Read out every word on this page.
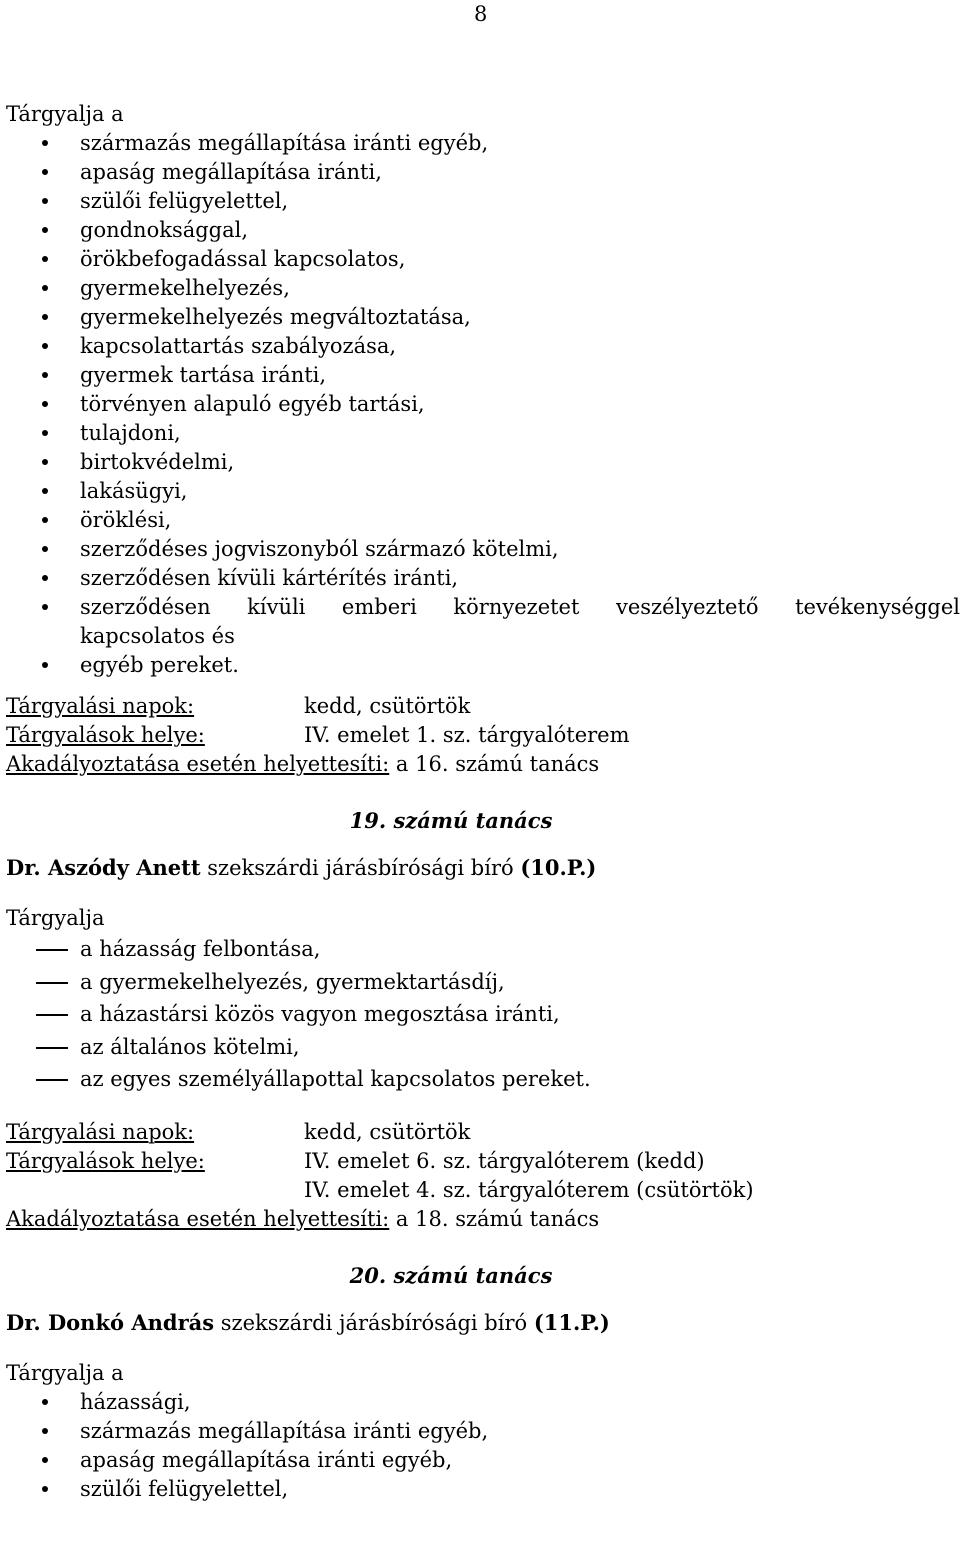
8
Tárgyalja a
származás megállapítása iránti egyéb,
apaság megállapítása iránti,
szülői felügyelettel,
gondnoksággal,
örökbefogadással kapcsolatos,
gyermekelhelyezés,
gyermekelhelyezés megváltoztatása,
kapcsolattartás szabályozása,
gyermek tartása iránti,
törvényen alapuló egyéb tartási,
tulajdoni,
birtokvédelmi,
lakásügyi,
öröklési,
szerződéses jogviszonyból származó kötelmi,
szerződésen kívüli kártérítés iránti,
szerződésen kívüli emberi környezetet veszélyeztető tevékenységgel
kapcsolatos és
egyéb pereket.
Tárgyalási napok:	kedd, csütörtök
Tárgyalások helye:	IV. emelet 1. sz. tárgyalóterem
Akadályoztatása esetén helyettesíti: a 16. számú tanács
19. számú tanács
Dr. Aszódy Anett szekszárdi járásbírósági bíró (10.P.)
Tárgyalja
a házasság felbontása,
a gyermekelhelyezés, gyermektartásdíj,
a házastársi közös vagyon megosztása iránti,
az általános kötelmi,
az egyes személyállapottal kapcsolatos pereket.
Tárgyalási napok:	kedd, csütörtök
Tárgyalások helye:	IV. emelet 6. sz. tárgyalóterem (kedd)
IV. emelet 4. sz. tárgyalóterem (csütörtök)
Akadályoztatása esetén helyettesíti: a 18. számú tanács
20. számú tanács
Dr. Donkó András szekszárdi járásbírósági bíró (11.P.)
Tárgyalja a
házassági,
származás megállapítása iránti egyéb,
apaság megállapítása iránti egyéb,
szülői felügyelettel,
